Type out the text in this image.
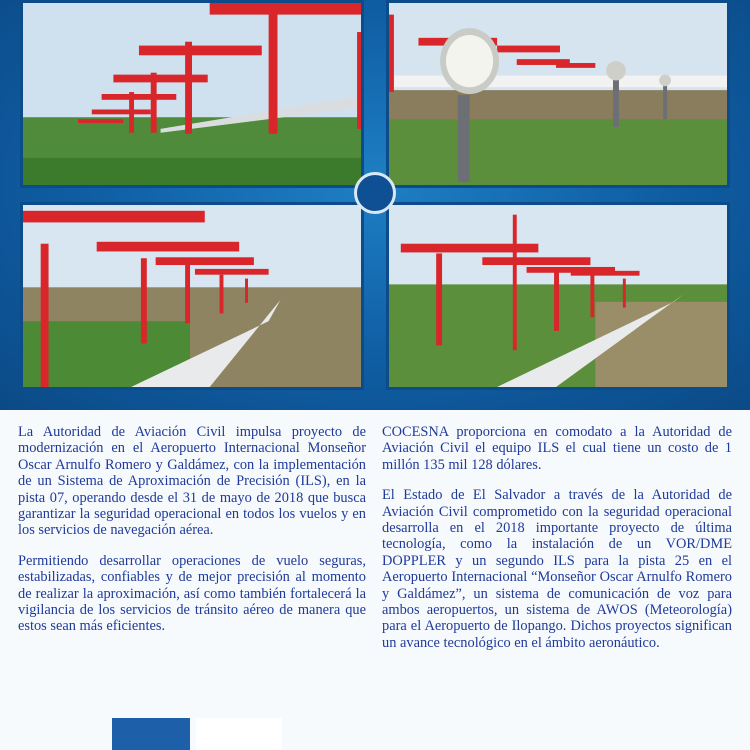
La Autoridad de Aviación Civil impulsa proyecto de modernización en el Aeropuerto Internacional Monseñor Oscar Arnulfo Romero y Galdámez, con la implementación de un Sistema de Aproximación de Precisión (ILS), en la pista 07, operando desde el 31 de mayo de 2018 que busca garantizar la seguridad operacional en todos los vuelos y en los servicios de navegación aérea.

Permitiendo desarrollar operaciones de vuelo seguras, estabilizadas, confiables y de mejor precisión al momento de realizar la aproximación, así como también fortalecerá la vigilancia de los servicios de tránsito aéreo de manera que estos sean más eficientes.

COCESNA proporciona en comodato a la Autoridad de Aviación Civil el equipo ILS el cual tiene un costo de 1 millón 135 mil 128 dólares.

El Estado de El Salvador a través de la Autoridad de Aviación Civil comprometido con la seguridad operacional desarrolla en el 2018 importante proyecto de última tecnología, como la instalación de un VOR/DME DOPPLER y un segundo ILS para la pista 25 en el Aeropuerto Internacional “Monseñor Oscar Arnulfo Romero y Galdámez”, un sistema de comunicación de voz para ambos aeropuertos, un sistema de AWOS (Meteorología) para el Aeropuerto de Ilopango. Dichos proyectos significan un avance tecnológico en el ámbito aeronáutico.
